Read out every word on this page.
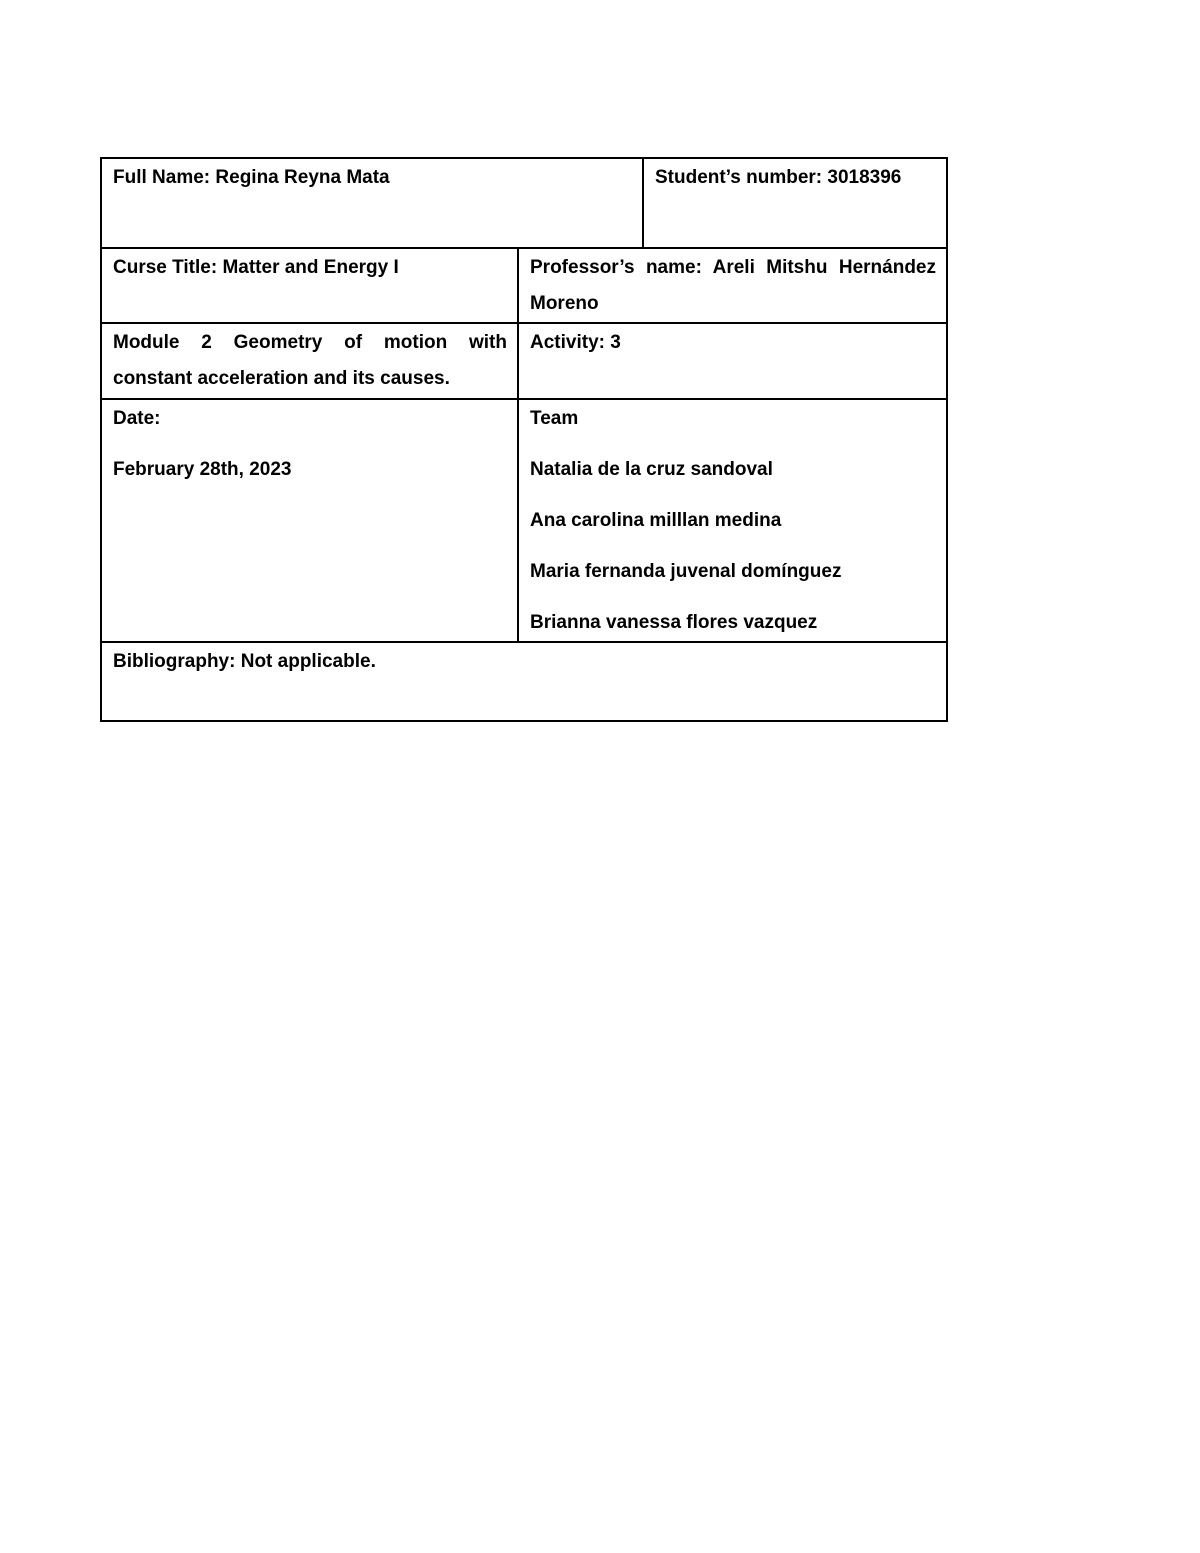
Full Name: Regina Reyna Mata	Student’s number: 3018396
Curse Title: Matter and Energy I	Professor’s name: Areli Mitshu Hernández Moreno
Module 2 Geometry of motion with constant acceleration and its causes.
Activity: 3
Date:
February 28th, 2023
Team
Natalia de la cruz sandoval
Ana carolina milllan medina
Maria fernanda juvenal domínguez
Brianna vanessa flores vazquez
Bibliography: Not applicable.
